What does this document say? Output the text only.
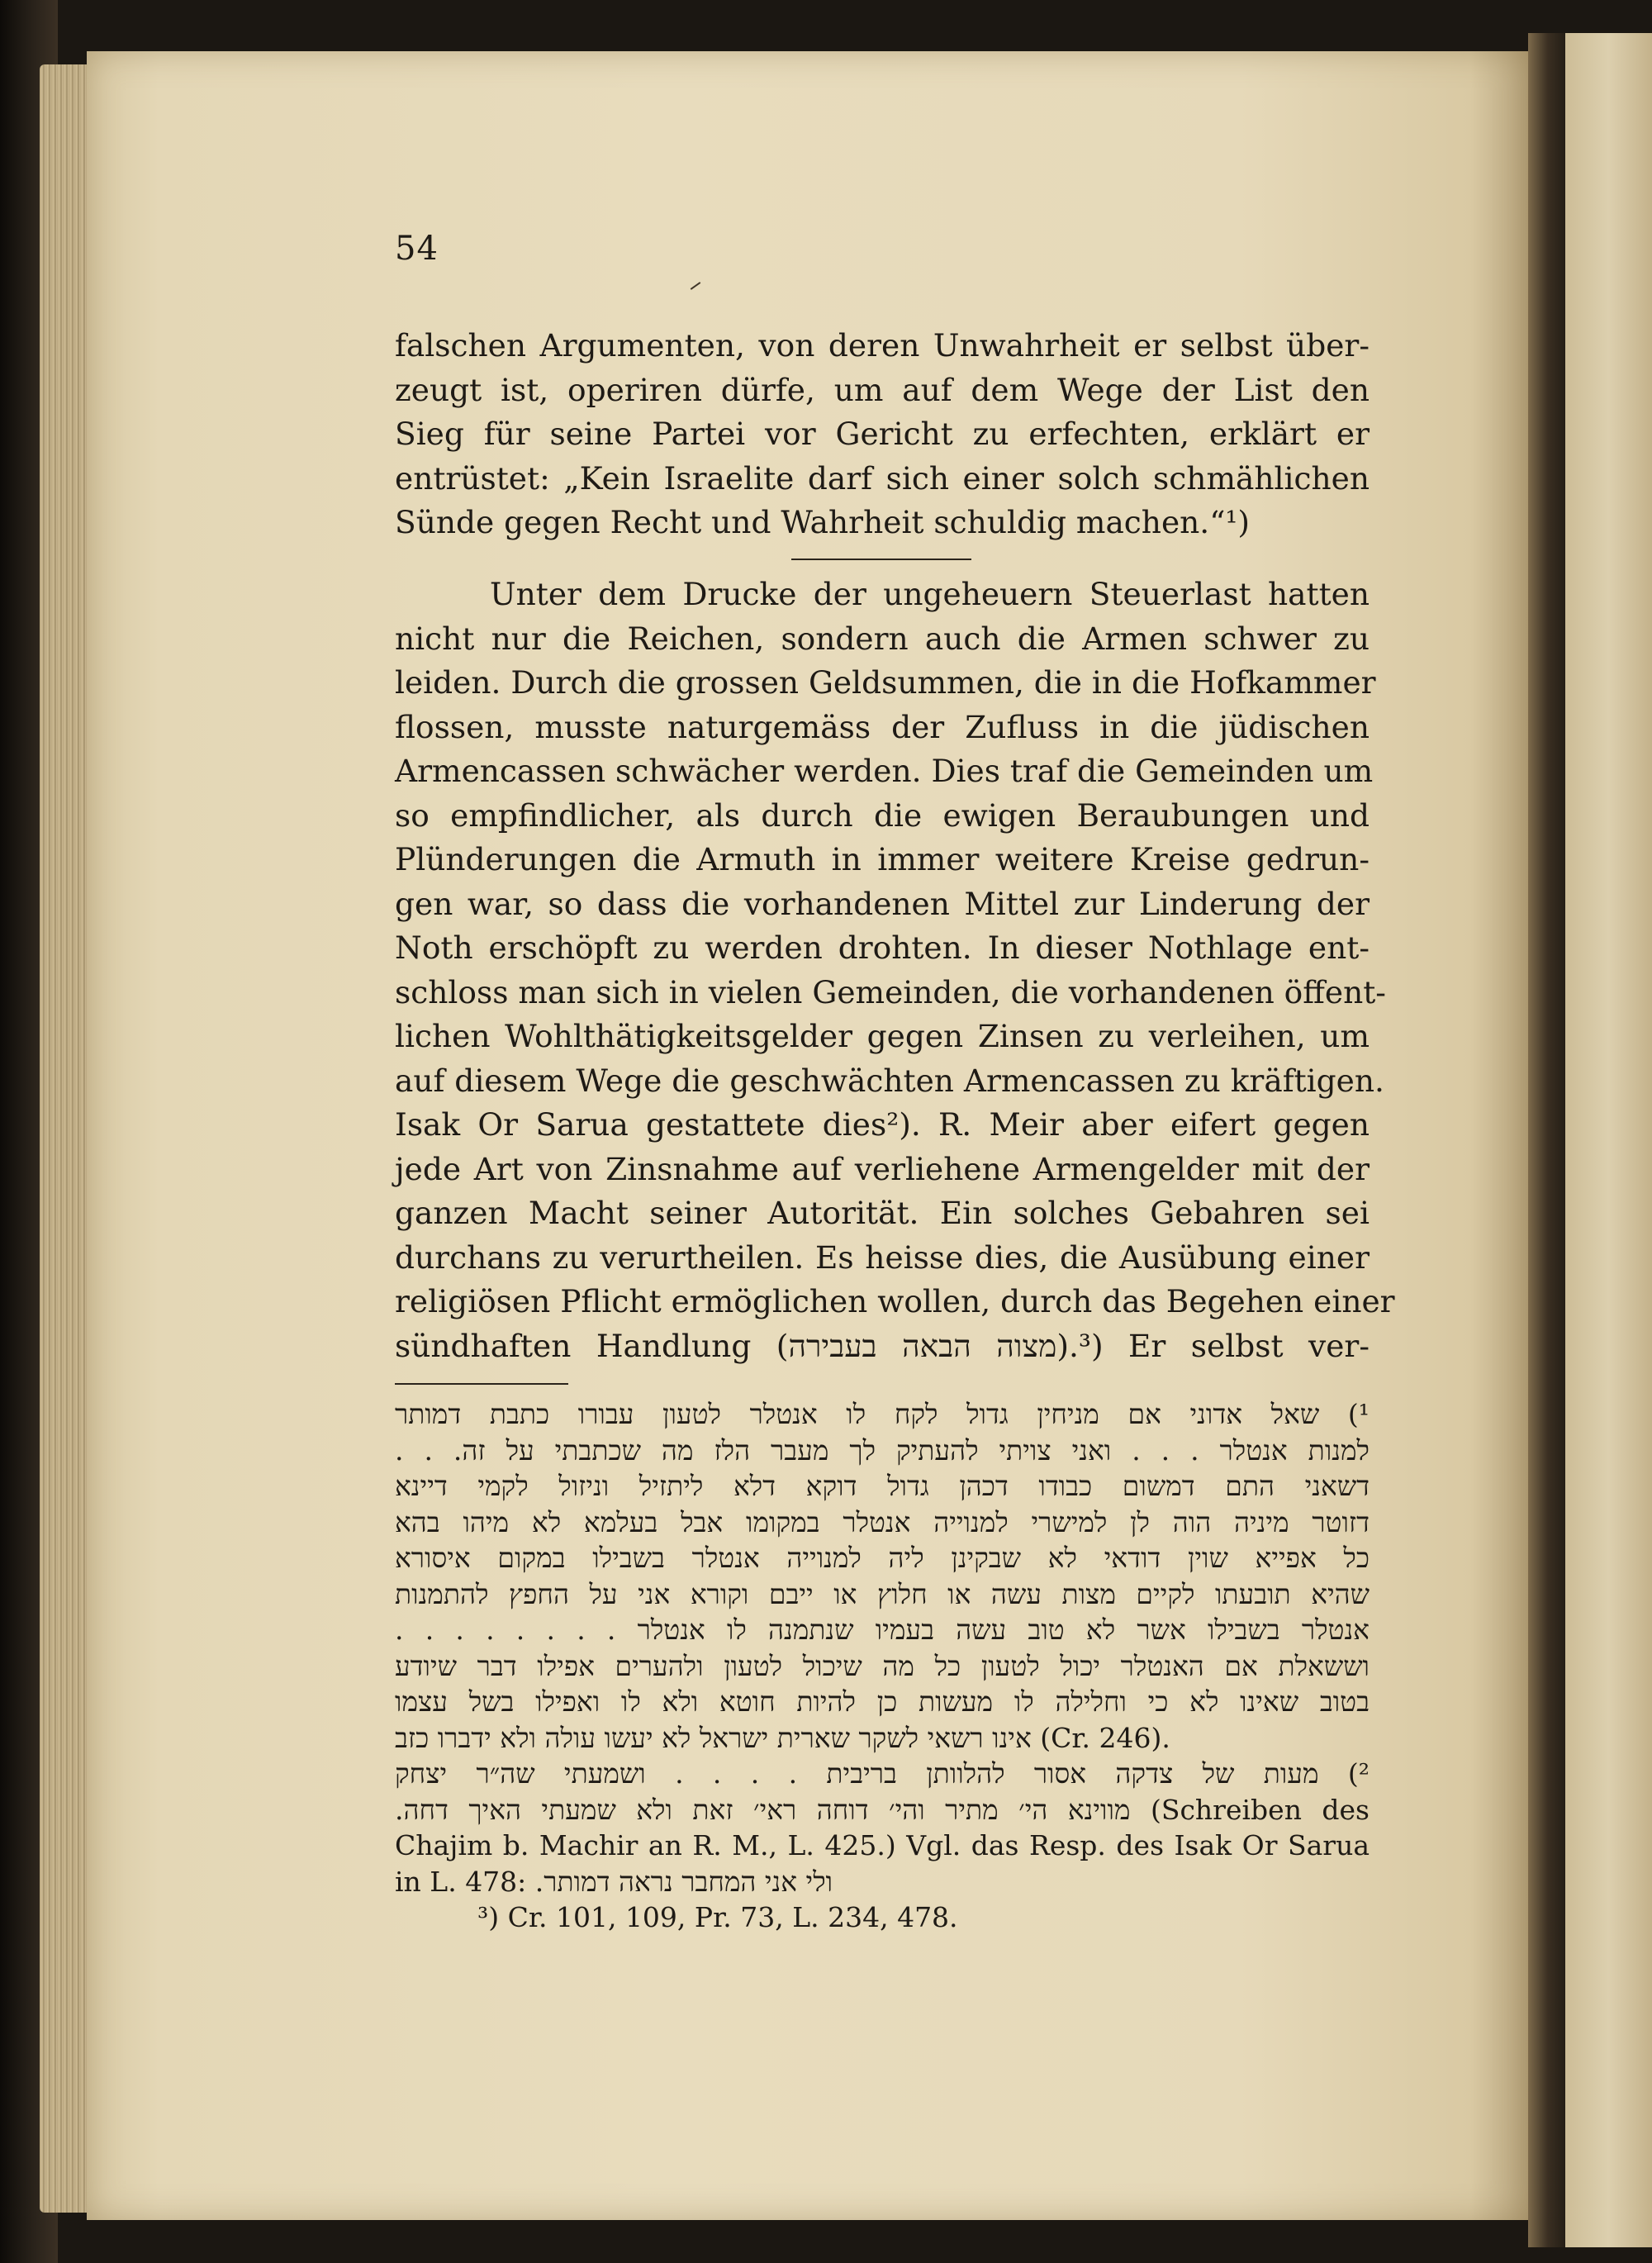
54
falschen Argumenten, von deren Unwahrheit er selbst über-
zeugt ist, operiren dürfe, um auf dem Wege der List den
Sieg für seine Partei vor Gericht zu erfechten, erklärt er
entrüstet: „Kein Israelite darf sich einer solch schmählichen
Sünde gegen Recht und Wahrheit schuldig machen.“¹)
Unter dem Drucke der ungeheuern Steuerlast hatten
nicht nur die Reichen, sondern auch die Armen schwer zu
leiden. Durch die grossen Geldsummen, die in die Hofkammer
flossen, musste naturgemäss der Zufluss in die jüdischen
Armencassen schwächer werden. Dies traf die Gemeinden um
so empfindlicher, als durch die ewigen Beraubungen und
Plünderungen die Armuth in immer weitere Kreise gedrun-
gen war, so dass die vorhandenen Mittel zur Linderung der
Noth erschöpft zu werden drohten. In dieser Nothlage ent-
schloss man sich in vielen Gemeinden, die vorhandenen öffent-
lichen Wohlthätigkeitsgelder gegen Zinsen zu verleihen, um
auf diesem Wege die geschwächten Armencassen zu kräftigen.
Isak Or Sarua gestattete dies²). R. Meir aber eifert gegen
jede Art von Zinsnahme auf verliehene Armengelder mit der
ganzen Macht seiner Autorität. Ein solches Gebahren sei
durchans zu verurtheilen. Es heisse dies, die Ausübung einer
religiösen Pflicht ermöglichen wollen, durch das Begehen einer
sündhaften Handlung (מצוה הבאה בעבירה).³) Er selbst ver-
¹) שאל אדוני אם מניחין גדול לקח לו אנטלר לטעון עבורו כתבת דמותר
למנות אנטלר . . . ואני צויתי להעתיק לך מעבר הלז מה שכתבתי על זה. . .
דשאני התם דמשום כבודו דכהן גדול דוקא דלא ליתזיל וניזול לקמי דיינא
דזוטר מיניה הוה לן למישרי למנוייה אנטלר במקומו אבל בעלמא לא מיהו בהא
כל אפייא שוין דודאי לא שבקינן ליה למנוייה אנטלר בשבילו במקום איסורא
שהיא תובעתו לקיים מצות עשה או חלוץ או ייבם וקורא אני על החפץ להתמנות
אנטלר בשבילו אשר לא טוב עשה בעמיו שנתמנה לו אנטלר . . . . . . . .
וששאלת אם האנטלר יכול לטעון כל מה שיכול לטעון ולהערים אפילו דבר שיודע
בטוב שאינו לא כי וחלילה לו מעשות כן להיות חוטא ולא לו ואפילו בשל עצמו
אינו רשאי לשקר שארית ישראל לא יעשו עולה ולא ידברו כזב (Cr. 246).
²) מעות של צדקה אסור להלוותן בריבית . . . . ושמעתי שה״ר יצחק
מווינא הי׳ מתיר והי׳ דוחה ראי׳ זאת ולא שמעתי האיך דחה. (Schreiben des
Chajim b. Machir an R. M., L. 425.) Vgl. das Resp. des Isak Or Sarua
in L. 478: ולי אני המחבר נראה דמותר.
³) Cr. 101, 109, Pr. 73, L. 234, 478.
